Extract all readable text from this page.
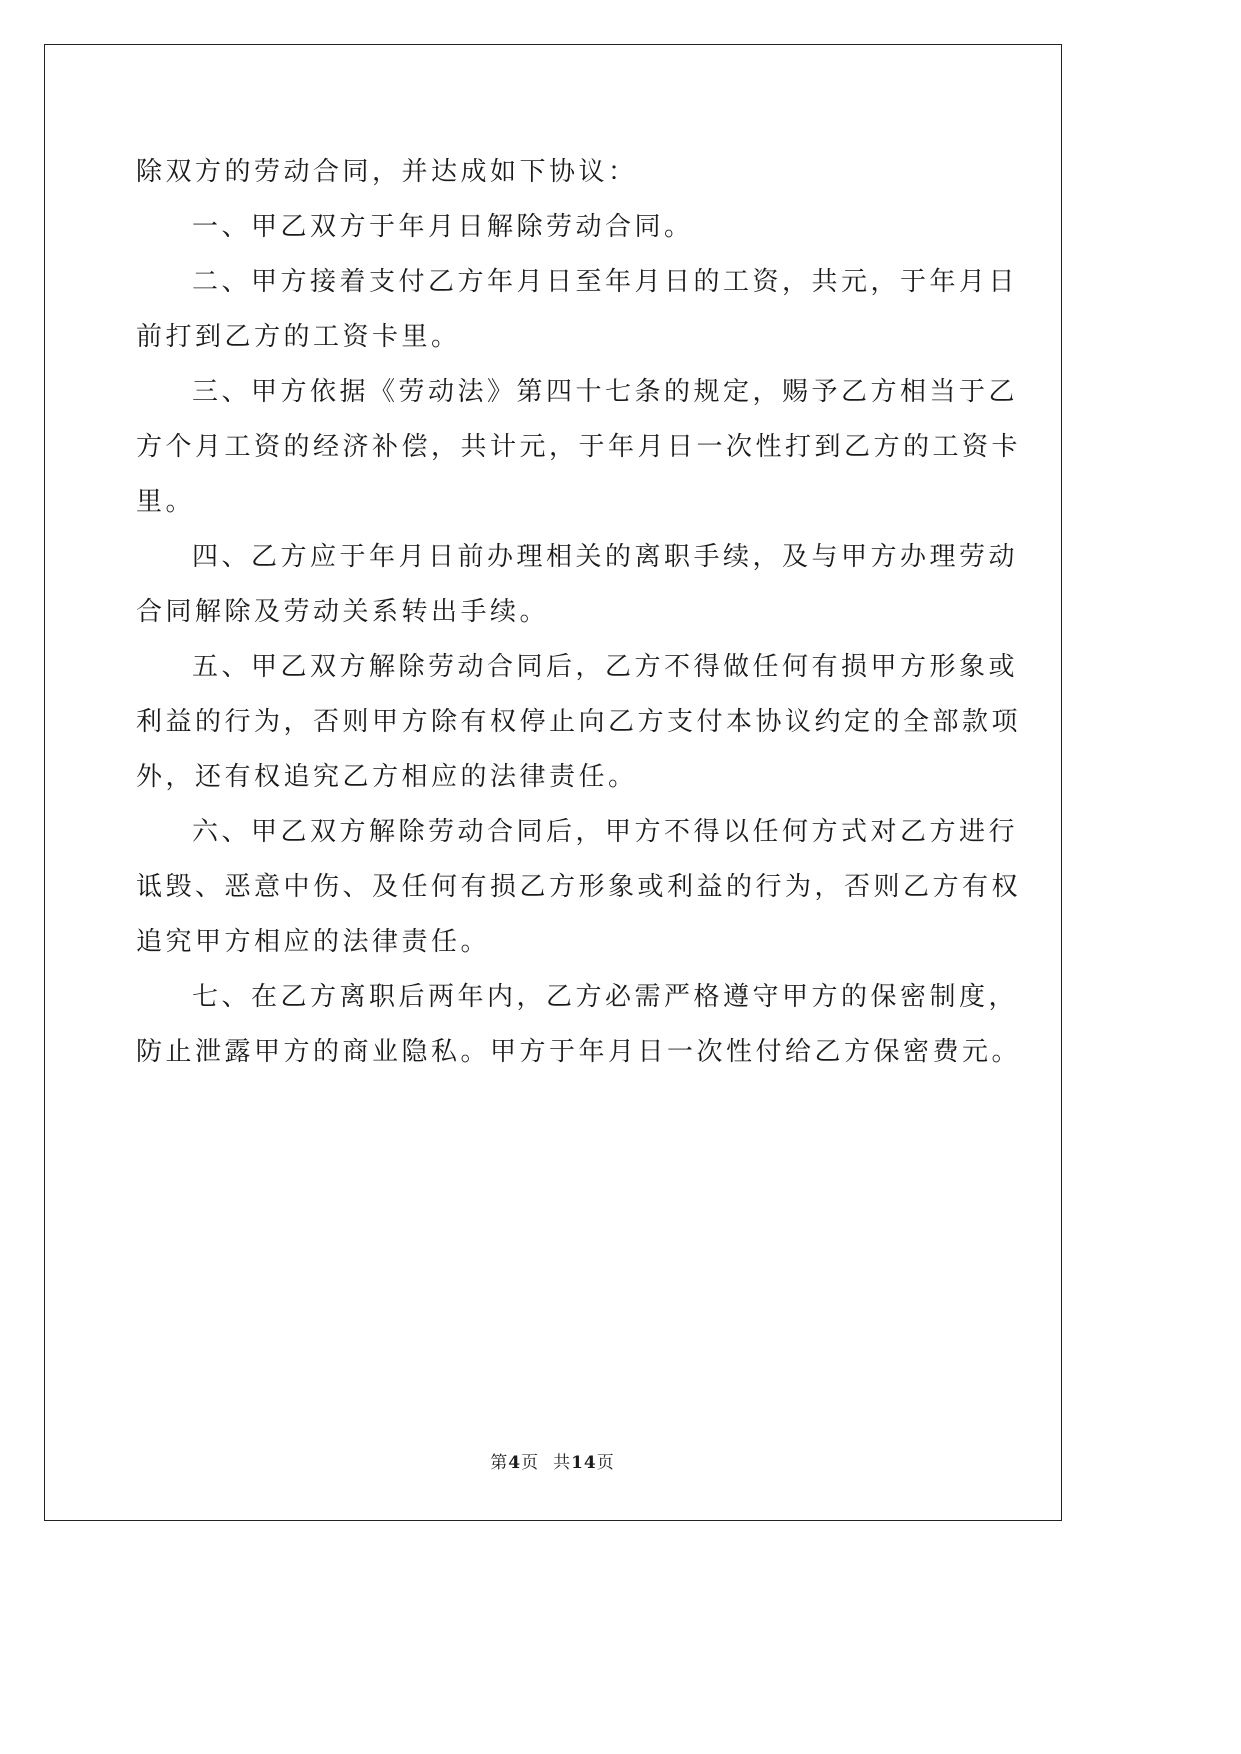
除双方的劳动合同，并达成如下协议：

一、甲乙双方于年月日解除劳动合同。

二、甲方接着支付乙方年月日至年月日的工资，共元，于年月日

前打到乙方的工资卡里。

三、甲方依据《劳动法》第四十七条的规定，赐予乙方相当于乙

方个月工资的经济补偿，共计元，于年月日一次性打到乙方的工资卡

里。

四、乙方应于年月日前办理相关的离职手续，及与甲方办理劳动

合同解除及劳动关系转出手续。

五、甲乙双方解除劳动合同后，乙方不得做任何有损甲方形象或

利益的行为，否则甲方除有权停止向乙方支付本协议约定的全部款项

外，还有权追究乙方相应的法律责任。

六、甲乙双方解除劳动合同后，甲方不得以任何方式对乙方进行

诋毁、恶意中伤、及任何有损乙方形象或利益的行为，否则乙方有权

追究甲方相应的法律责任。

七、在乙方离职后两年内，乙方必需严格遵守甲方的保密制度，

防止泄露甲方的商业隐私。甲方于年月日一次性付给乙方保密费元。

第4页 共14页
